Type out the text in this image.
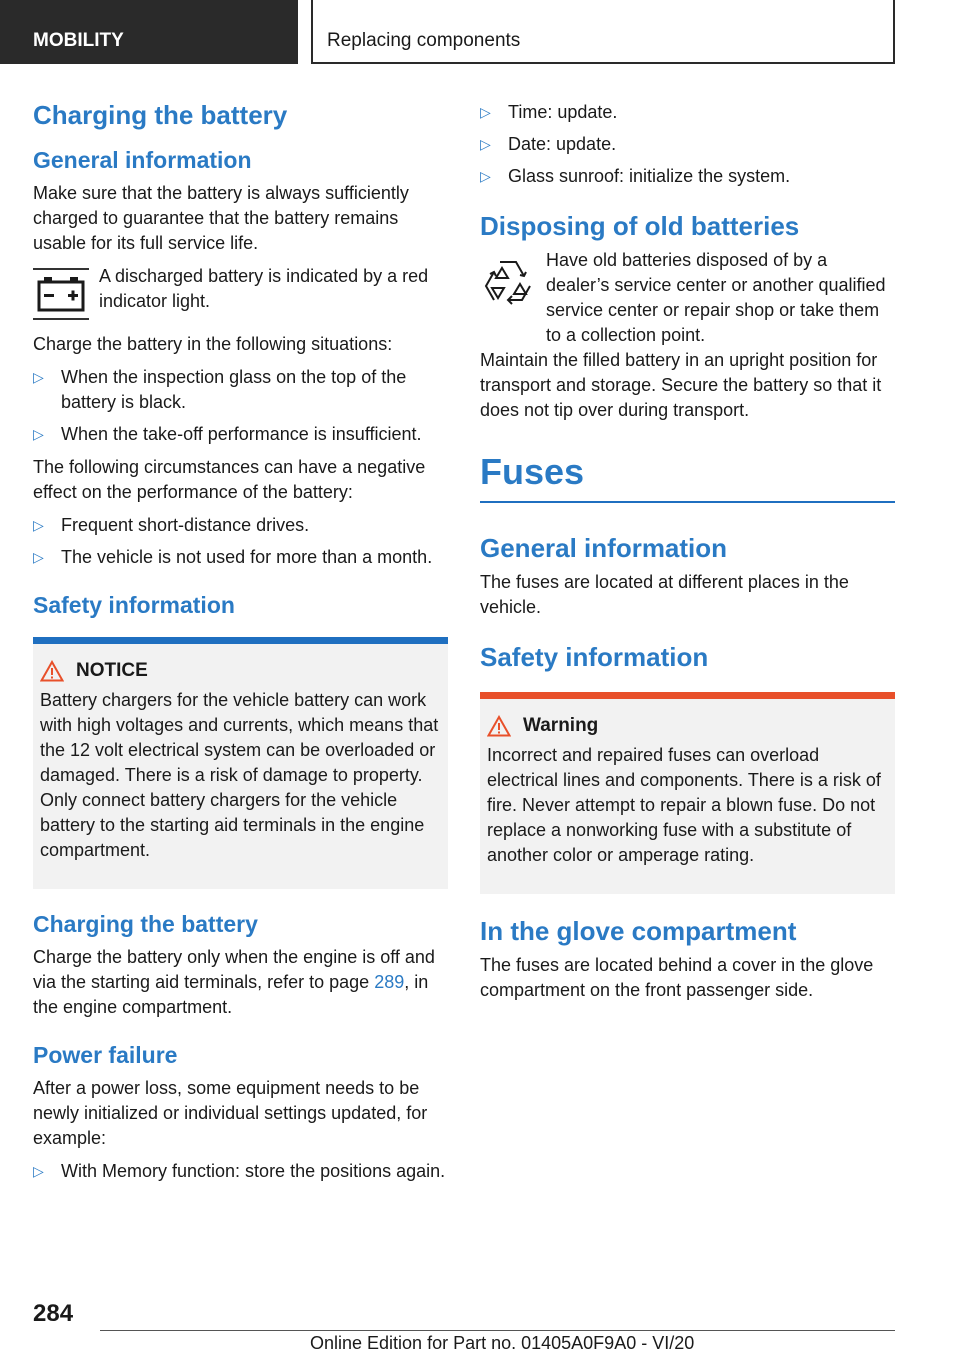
MOBILITY	Replacing components
Charging the battery
General information

Make sure that the battery is always sufficiently charged to guarantee that the battery remains usable for its full service life.

A discharged battery is indicated by a red indicator light.

Charge the battery in the following situations:

▷ When the inspection glass on the top of the battery is black.
▷ When the take-off performance is insufficient.

The following circumstances can have a negative effect on the performance of the battery:

▷ Frequent short-distance drives.
▷ The vehicle is not used for more than a month.
Safety information
NOTICE

Battery chargers for the vehicle battery can work with high voltages and currents, which means that the 12 volt electrical system can be overloaded or damaged. There is a risk of damage to property. Only connect battery chargers for the vehicle battery to the starting aid terminals in the engine compartment.

Charging the battery

Charge the battery only when the engine is off and via the starting aid terminals, refer to page 289, in the engine compartment.

Power failure

After a power loss, some equipment needs to be newly initialized or individual settings updated, for example:

▷ With Memory function: store the positions again.
▷ Time: update.
▷ Date: update.
▷ Glass sunroof: initialize the system.
Disposing of old batteries

Have old batteries disposed of by a dealer’s service center or another qualified service center or repair shop or take them to a collection point.

Maintain the filled battery in an upright position for transport and storage. Secure the battery so that it does not tip over during transport.

Fuses
General information

The fuses are located at different places in the vehicle.

Safety information
Warning

Incorrect and repaired fuses can overload electrical lines and components. There is a risk of fire. Never attempt to repair a blown fuse. Do not replace a nonworking fuse with a substitute of another color or amperage rating.

In the glove compartment

The fuses are located behind a cover in the glove compartment on the front passenger side.

284
Online Edition for Part no. 01405A0F9A0 - VI/20
